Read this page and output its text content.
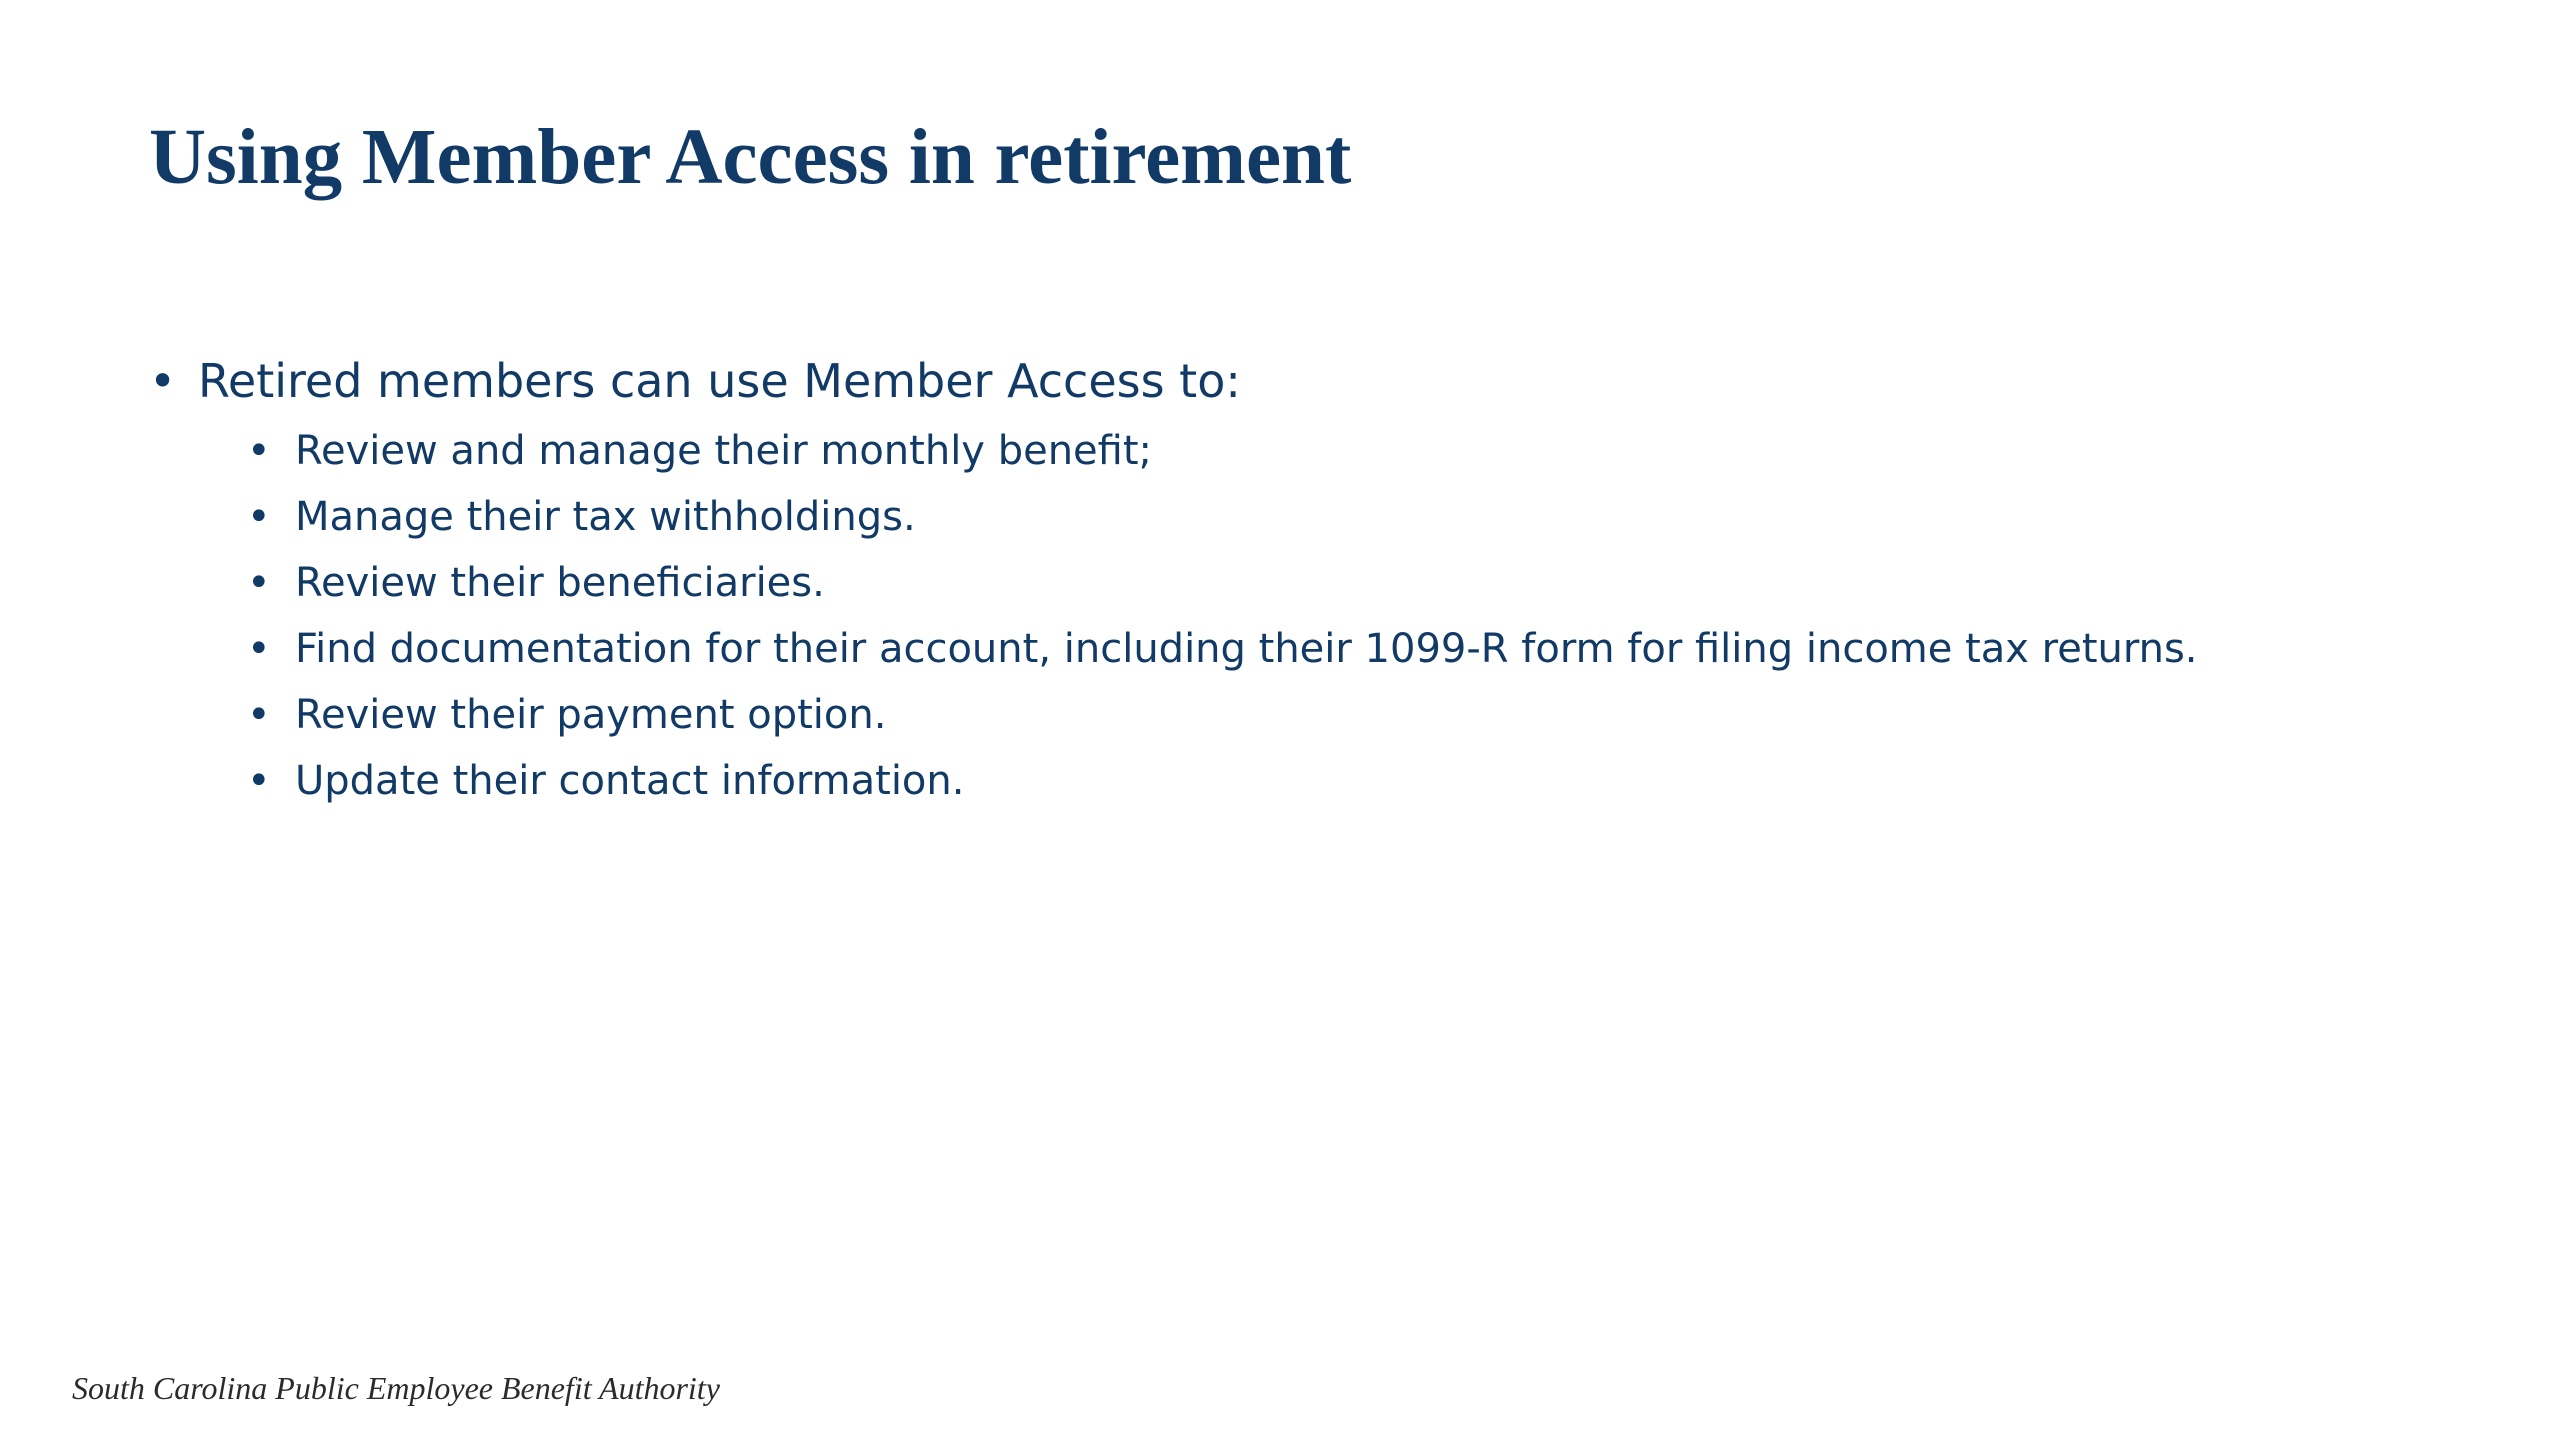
Using Member Access in retirement
• Retired members can use Member Access to:
• Review and manage their monthly benefit;
• Manage their tax withholdings.
• Review their beneficiaries.
• Find documentation for their account, including their 1099-R form for filing income tax returns.
• Review their payment option.
• Update their contact information.
South Carolina Public Employee Benefit Authority
